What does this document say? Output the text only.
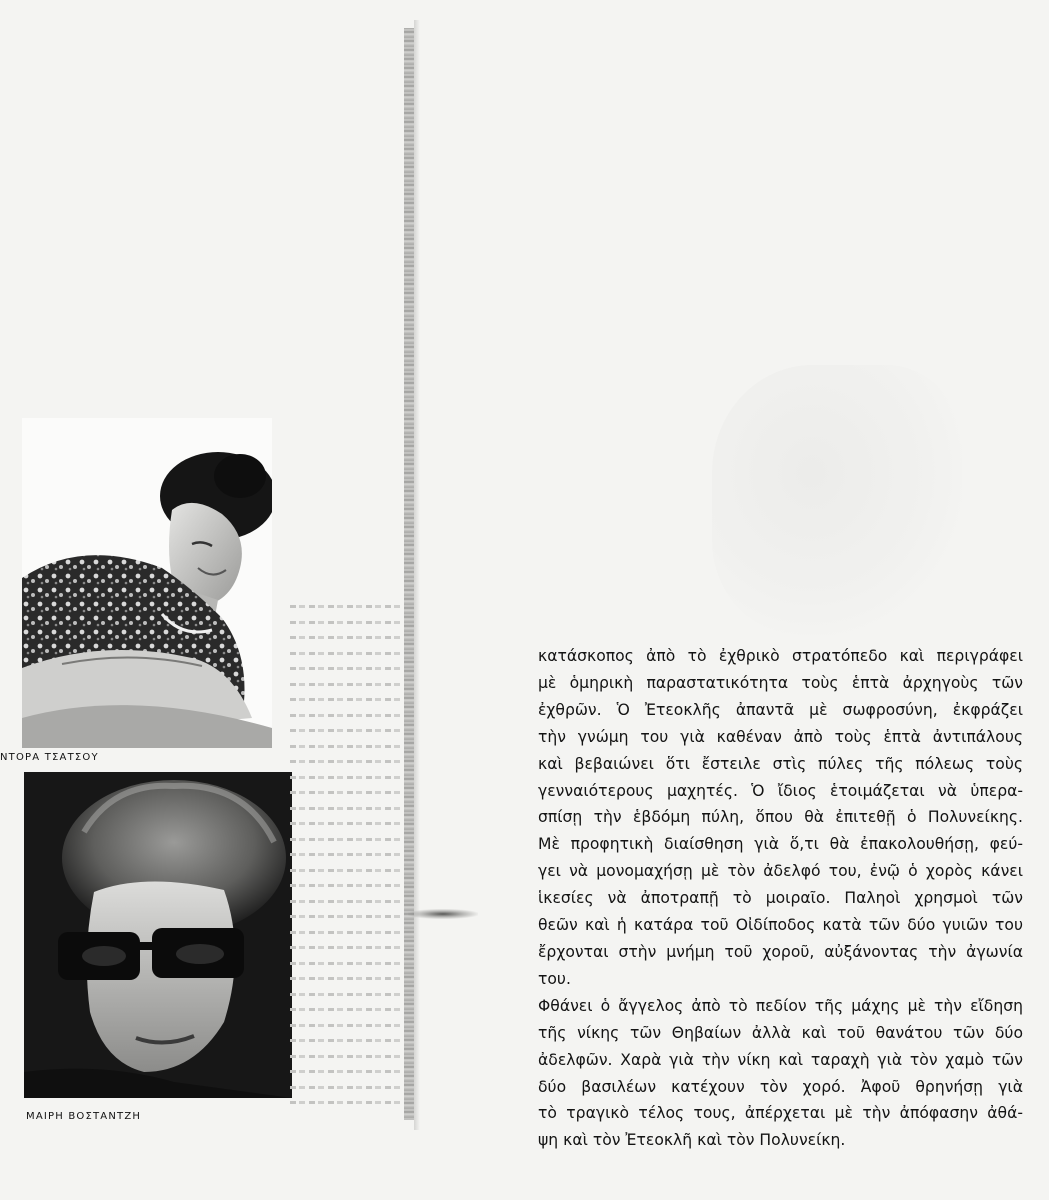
ΝΤΟΡΑ ΤΣΑΤΣΟΥ
ΜΑΙΡΗ ΒΟΣΤΑΝΤΖΗ
κατάσκοπος ἀπὸ τὸ ἐχθρικὸ στρατόπεδο καὶ περιγράφει
μὲ ὁμηρικὴ παραστατικότητα τοὺς ἑπτὰ ἀρχηγοὺς τῶν
ἐχθρῶν. Ὁ Ἐτεοκλῆς ἀπαντᾶ μὲ σωφροσύνη, ἐκφράζει
τὴν γνώμη του γιὰ καθέναν ἀπὸ τοὺς ἑπτὰ ἀντιπάλους
καὶ βεβαιώνει ὅτι ἔστειλε στὶς πύλες τῆς πόλεως τοὺς
γενναιότερους μαχητές. Ὁ ἴδιος ἑτοιμάζεται νὰ ὑπερα-
σπίσῃ τὴν ἑβδόμη πύλη, ὅπου θὰ ἐπιτεθῇ ὁ Πολυνείκης.
Μὲ προφητικὴ διαίσθηση γιὰ ὅ,τι θὰ ἐπακολουθήσῃ, φεύ-
γει νὰ μονομαχήσῃ μὲ τὸν ἀδελφό του, ἐνῷ ὁ χορὸς κάνει
ἱκεσίες νὰ ἀποτραπῇ τὸ μοιραῖο. Παληοὶ χρησμοὶ τῶν
θεῶν καὶ ἡ κατάρα τοῦ Οἰδίποδος κατὰ τῶν δύο γυιῶν του
ἔρχονται στὴν μνήμη τοῦ χοροῦ, αὐξάνοντας τὴν ἀγωνία
του.
Φθάνει ὁ ἄγγελος ἀπὸ τὸ πεδίον τῆς μάχης μὲ τὴν εἴδηση
τῆς νίκης τῶν Θηβαίων ἀλλὰ καὶ τοῦ θανάτου τῶν δύο
ἀδελφῶν. Χαρὰ γιὰ τὴν νίκη καὶ ταραχὴ γιὰ τὸν χαμὸ τῶν
δύο βασιλέων κατέχουν τὸν χορό. Ἀφοῦ θρηνήσῃ γιὰ
τὸ τραγικὸ τέλος τους, ἀπέρχεται μὲ τὴν ἀπόφασην ἀθά-
ψη καὶ τὸν Ἐτεοκλῆ καὶ τὸν Πολυνείκη.
